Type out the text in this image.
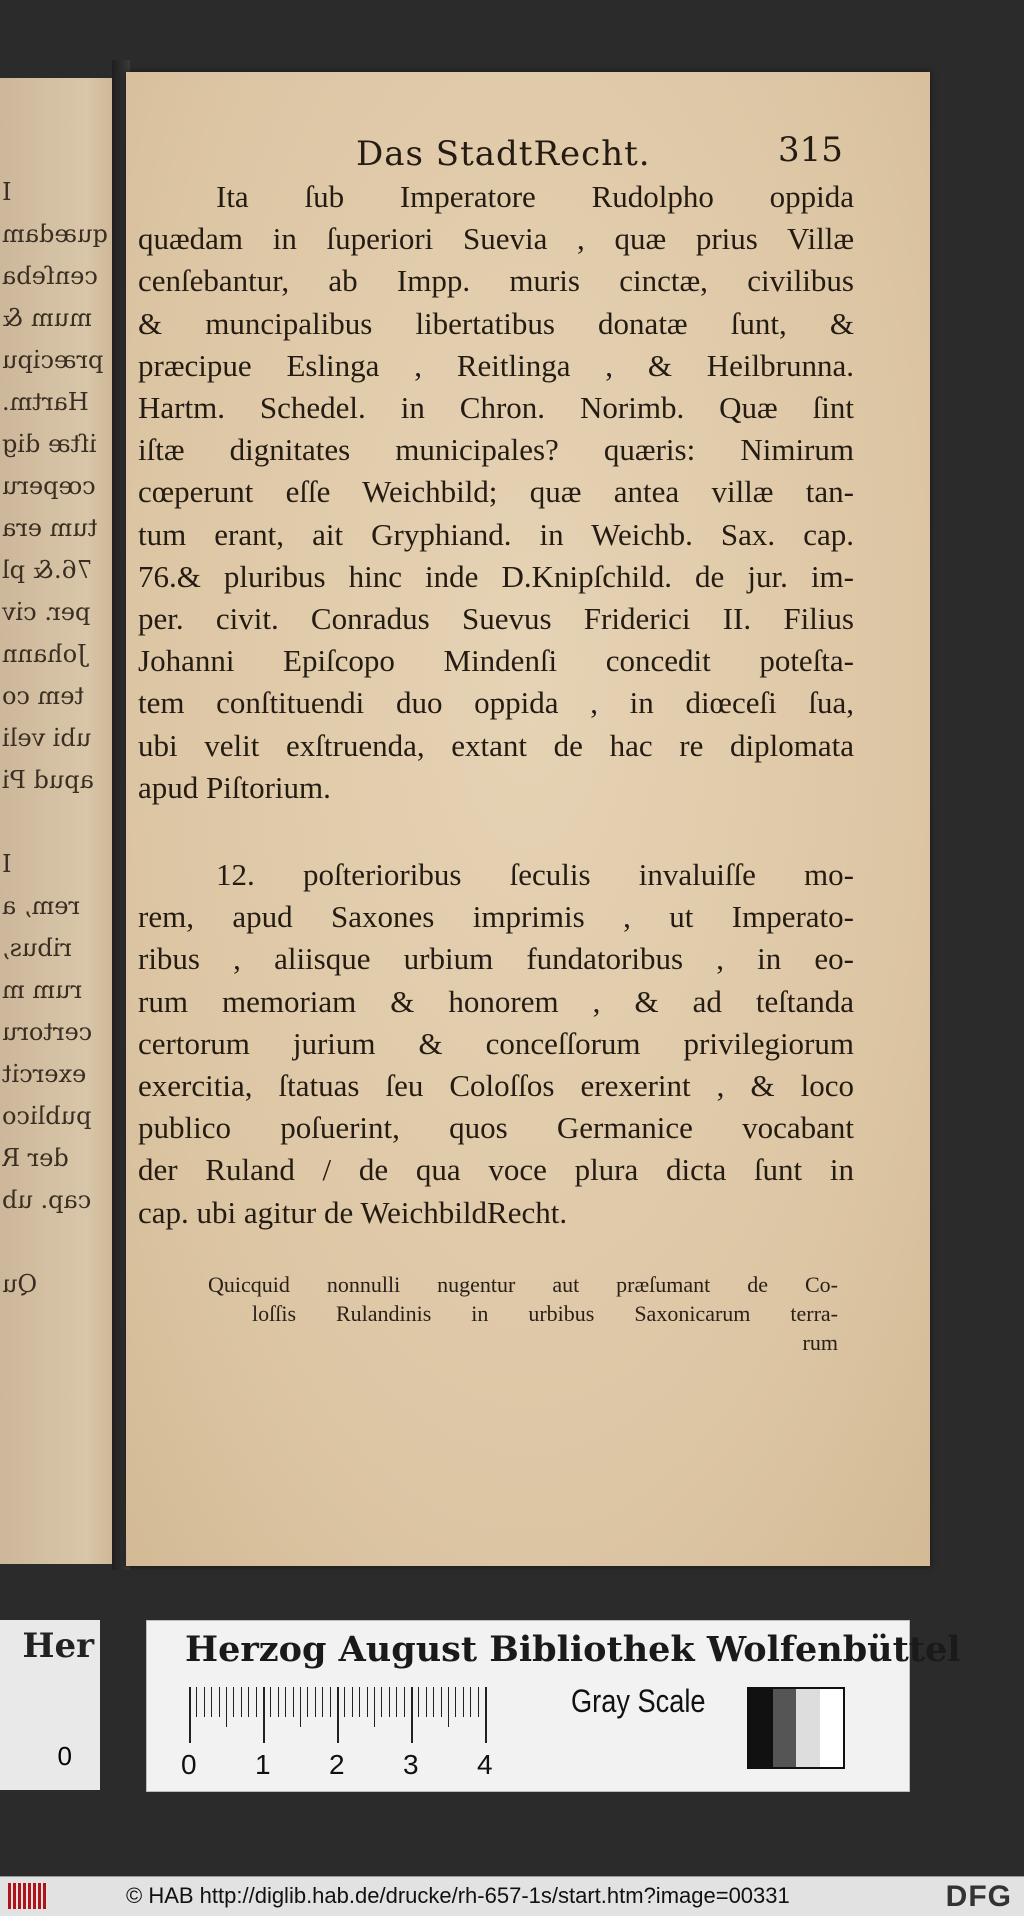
I
quædam
cenſeba
mum &
præcipu
Hartm.
iſtæ dig
cœperu
tum era
76.& pl
per. civ
Johann
tem co
ubi veli
apud Pi
I
rem, a
ribus,
rum m
certoru
exercit
publico
der R
cap. ub
Qu
Das StadtRecht.	315
Ita ſub Imperatore Rudolpho oppida
quædam in ſuperiori Suevia , quæ prius Villæ
cenſebantur, ab Impp. muris cinctæ, civilibus
& muncipalibus libertatibus donatæ ſunt, &
præcipue Eslinga , Reitlinga , & Heilbrunna.
Hartm. Schedel. in Chron. Norimb. Quæ ſint
iſtæ dignitates municipales? quæris: Nimirum
cœperunt eſſe Weichbild; quæ antea villæ tan-
tum erant, ait Gryphiand. in Weichb. Sax. cap.
76.& pluribus hinc inde D.Knipſchild. de jur. im-
per. civit. Conradus Suevus Friderici II. Filius
Johanni Epiſcopo Mindenſi concedit poteſta-
tem conſtituendi duo oppida , in diœceſi ſua,
ubi velit exſtruenda, extant de hac re diplomata
apud Piſtorium.
12. poſterioribus ſeculis invaluiſſe mo-
rem, apud Saxones imprimis , ut Imperato-
ribus , aliisque urbium fundatoribus , in eo-
rum memoriam & honorem , & ad teſtanda
certorum jurium & conceſſorum privilegiorum
exercitia, ſtatuas ſeu Coloſſos erexerint , & loco
publico poſuerint, quos Germanice vocabant
der Ruland / de qua voce plura dicta ſunt in
cap. ubi agitur de WeichbildRecht.
Quicquid nonnulli nugentur aut præſumant de Co-
loſſis Rulandinis in urbibus Saxonicarum terra-
rum
Her
0
Herzog August Bibliothek Wolfenbüttel
0 1 2 3 4
Gray Scale
© HAB http://diglib.hab.de/drucke/rh-657-1s/start.htm?image=00331	DFG
